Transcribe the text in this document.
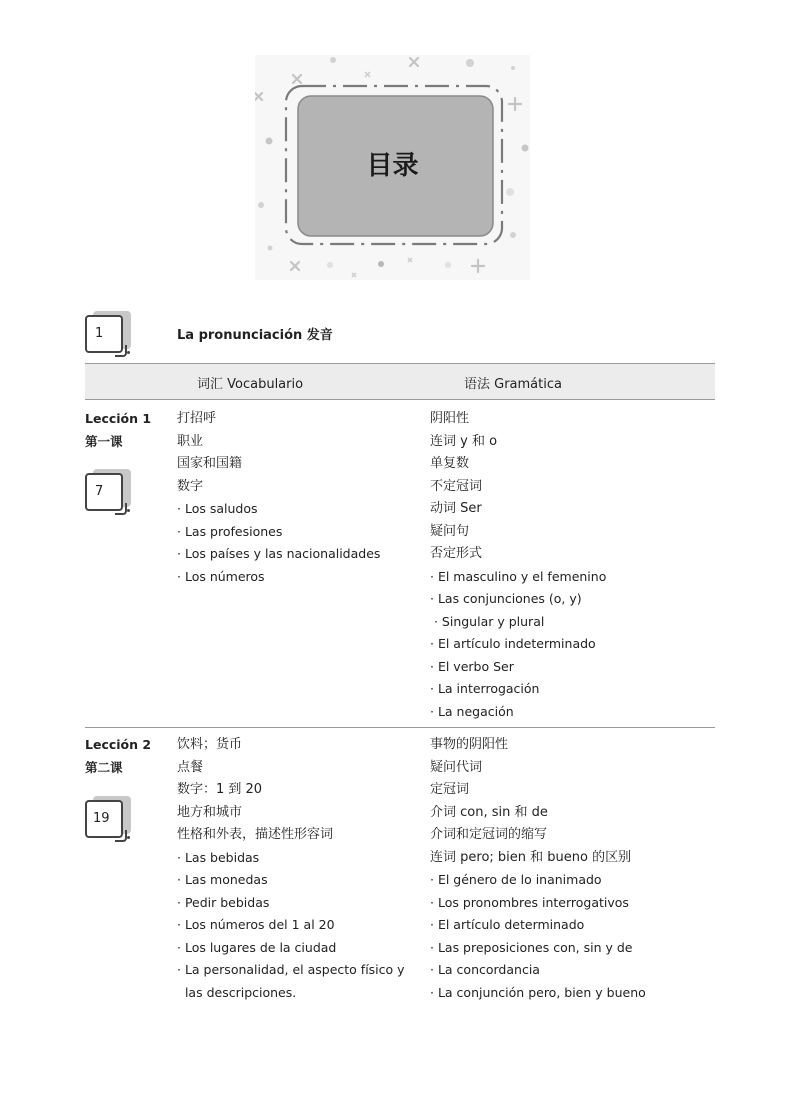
目录
1	La pronunciación 发音
词汇 Vocabulario	语法 Gramática
Lección 1
第一课
7
打招呼
职业
国家和国籍
数字
· Los saludos
· Las profesiones
· Los países y las nacionalidades
· Los números
阴阳性
连词 y 和 o
单复数
不定冠词
动词 Ser
疑问句
否定形式
· El masculino y el femenino
· Las conjunciones (o, y)
· Singular y plural
· El artículo indeterminado
· El verbo Ser
· La interrogación
· La negación
Lección 2
第二课
19
饮料；货币
点餐
数字：1 到 20
地方和城市
性格和外表，描述性形容词
· Las bebidas
· Las monedas
· Pedir bebidas
· Los números del 1 al 20
· Los lugares de la ciudad
· La personalidad, el aspecto físico y
las descripciones.
事物的阴阳性
疑问代词
定冠词
介词 con, sin 和 de
介词和定冠词的缩写
连词 pero; bien 和 bueno 的区别
· El género de lo inanimado
· Los pronombres interrogativos
· El artículo determinado
· Las preposiciones con, sin y de
· La concordancia
· La conjunción pero, bien y bueno
